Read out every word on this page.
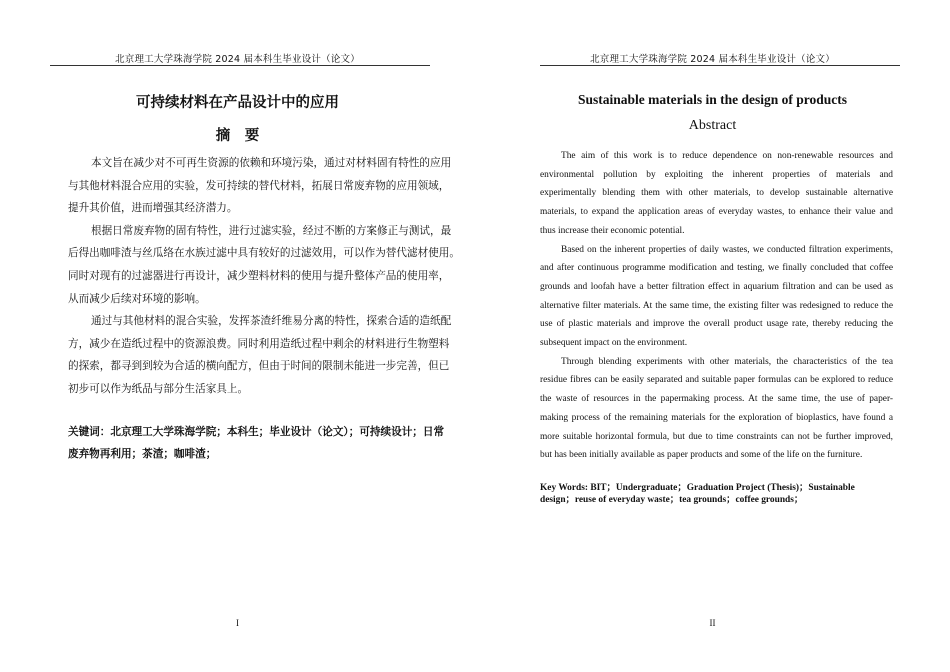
北京理工大学珠海学院 2024 届本科生毕业设计（论文）
可持续材料在产品设计中的应用
摘　要
本文旨在减少对不可再生资源的依赖和环境污染，通过对材料固有特性的应用
与其他材料混合应用的实验，发可持续的替代材料，拓展日常废弃物的应用领域，
提升其价值，进而增强其经济潜力。
根据日常废弃物的固有特性，进行过滤实验，经过不断的方案修正与测试，最
后得出咖啡渣与丝瓜络在水族过滤中具有较好的过滤效用，可以作为替代滤材使用。
同时对现有的过滤器进行再设计，减少塑料材料的使用与提升整体产品的使用率，
从而减少后续对环境的影响。
通过与其他材料的混合实验，发挥茶渣纤维易分离的特性，探索合适的造纸配
方，减少在造纸过程中的资源浪费。同时利用造纸过程中剩余的材料进行生物塑料
的探索，都寻到到较为合适的横向配方，但由于时间的限制未能进一步完善，但已
初步可以作为纸品与部分生活家具上。
关键词：北京理工大学珠海学院；本科生；毕业设计（论文）；可持续设计；日常
废弃物再利用；茶渣；咖啡渣；
I
北京理工大学珠海学院 2024 届本科生毕业设计（论文）
Sustainable materials in the design of products
Abstract
The aim of this work is to reduce dependence on non-renewable resources and
environmental pollution by exploiting the inherent properties of materials and
experimentally blending them with other materials, to develop sustainable alternative
materials, to expand the application areas of everyday wastes, to enhance their value and
thus increase their economic potential.
Based on the inherent properties of daily wastes, we conducted filtration experiments,
and after continuous programme modification and testing, we finally concluded that coffee
grounds and loofah have a better filtration effect in aquarium filtration and can be used as
alternative filter materials. At the same time, the existing filter was redesigned to reduce the
use of plastic materials and improve the overall product usage rate, thereby reducing the
subsequent impact on the environment.
Through blending experiments with other materials, the characteristics of the tea
residue fibres can be easily separated and suitable paper formulas can be explored to reduce
the waste of resources in the papermaking process. At the same time, the use of paper-
making process of the remaining materials for the exploration of bioplastics, have found a
more suitable horizontal formula, but due to time constraints can not be further improved,
but has been initially available as paper products and some of the life on the furniture.
Key Words: BIT；Undergraduate；Graduation Project (Thesis)；Sustainable
design；reuse of everyday waste；tea grounds；coffee grounds；
II
